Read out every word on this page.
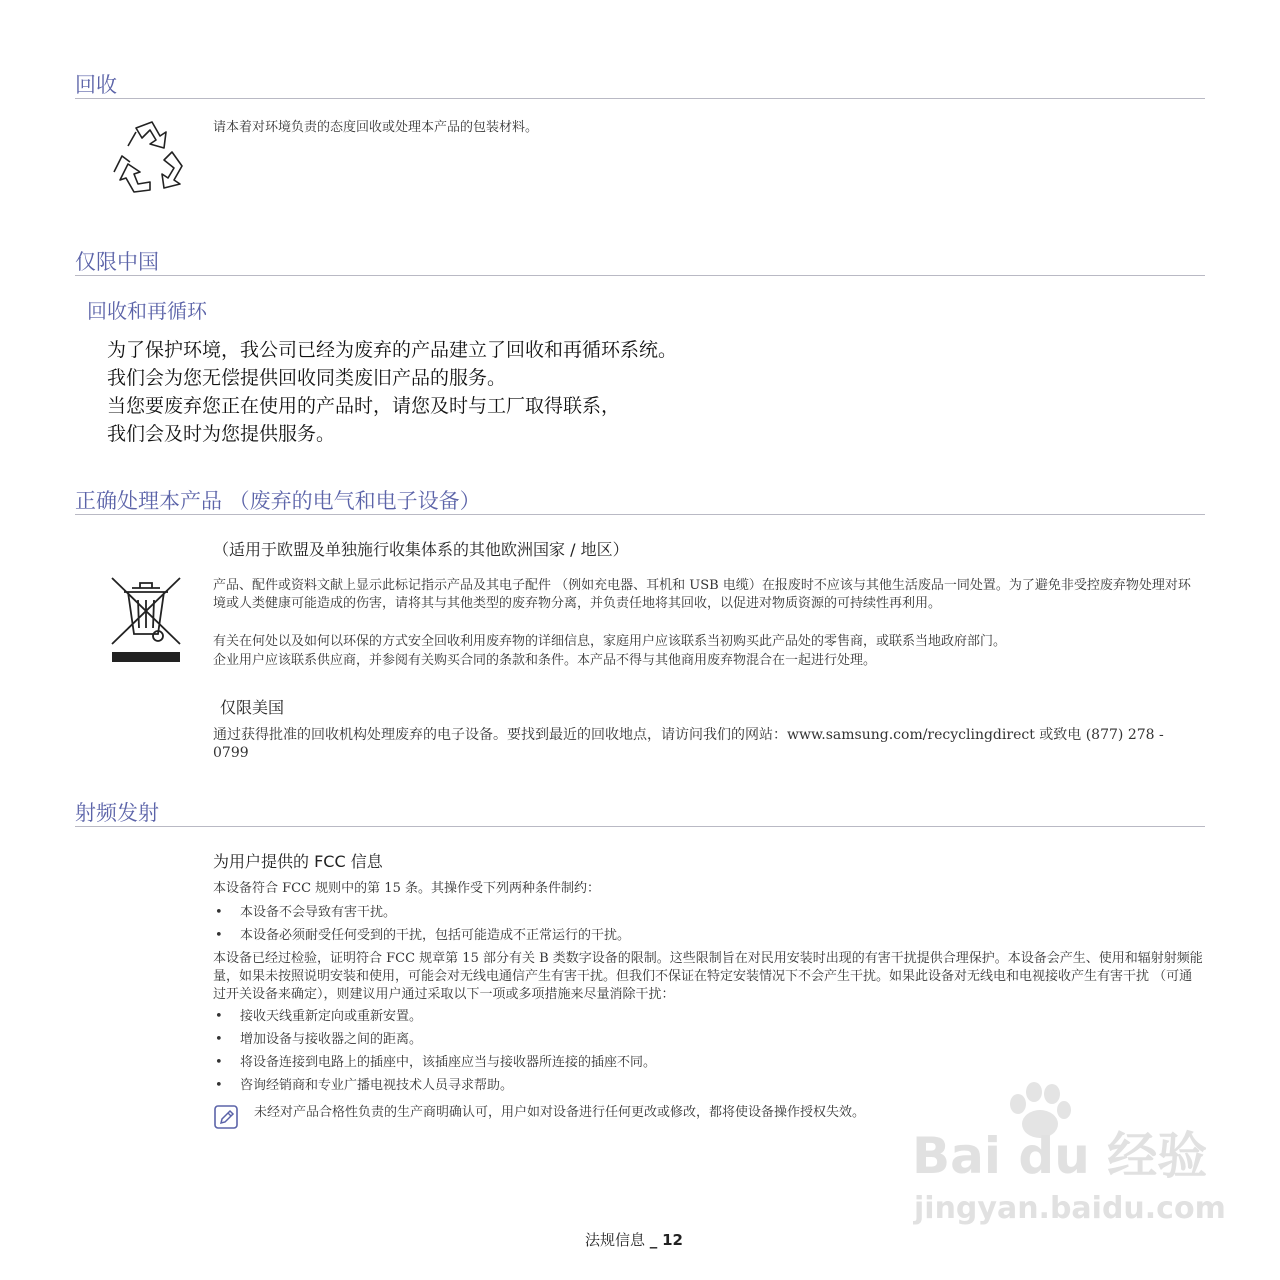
回收
请本着对环境负责的态度回收或处理本产品的包装材料。
仅限中国
回收和再循环

为了保护环境，我公司已经为废弃的产品建立了回收和再循环系统。

我们会为您无偿提供回收同类废旧产品的服务。

当您要废弃您正在使用的产品时，请您及时与工厂取得联系，

我们会及时为您提供服务。

正确处理本产品 （废弃的电气和电子设备）
（适用于欧盟及单独施行收集体系的其他欧洲国家 / 地区）
产品、配件或资料文献上显示此标记指示产品及其电子配件 （例如充电器、耳机和 USB 电缆）在报废时不应该与其他生活废品一同处置。为了避免非受控废弃物处理对环境或人类健康可能造成的伤害，请将其与其他类型的废弃物分离，并负责任地将其回收，以促进对物质资源的可持续性再利用。
有关在何处以及如何以环保的方式安全回收利用废弃物的详细信息，家庭用户应该联系当初购买此产品处的零售商，或联系当地政府部门。
企业用户应该联系供应商，并参阅有关购买合同的条款和条件。本产品不得与其他商用废弃物混合在一起进行处理。
仅限美国
通过获得批准的回收机构处理废弃的电子设备。要找到最近的回收地点，请访问我们的网站：www.samsung.com/recyclingdirect 或致电 (877) 278 - 0799
射频发射
为用户提供的 FCC 信息
本设备符合 FCC 规则中的第 15 条。其操作受下列两种条件制约：
• 本设备不会导致有害干扰。
• 本设备必须耐受任何受到的干扰，包括可能造成不正常运行的干扰。
本设备已经过检验，证明符合 FCC 规章第 15 部分有关 B 类数字设备的限制。这些限制旨在对民用安装时出现的有害干扰提供合理保护。本设备会产生、使用和辐射射频能量，如果未按照说明安装和使用，可能会对无线电通信产生有害干扰。但我们不保证在特定安装情况下不会产生干扰。如果此设备对无线电和电视接收产生有害干扰 （可通过开关设备来确定），则建议用户通过采取以下一项或多项措施来尽量消除干扰：
• 接收天线重新定向或重新安置。
• 增加设备与接收器之间的距离。
• 将设备连接到电路上的插座中，该插座应当与接收器所连接的插座不同。
• 咨询经销商和专业广播电视技术人员寻求帮助。
未经对产品合格性负责的生产商明确认可，用户如对设备进行任何更改或修改，都将使设备操作授权失效。
Bai du 经验
jingyan.baidu.com
法规信息 _ 12
